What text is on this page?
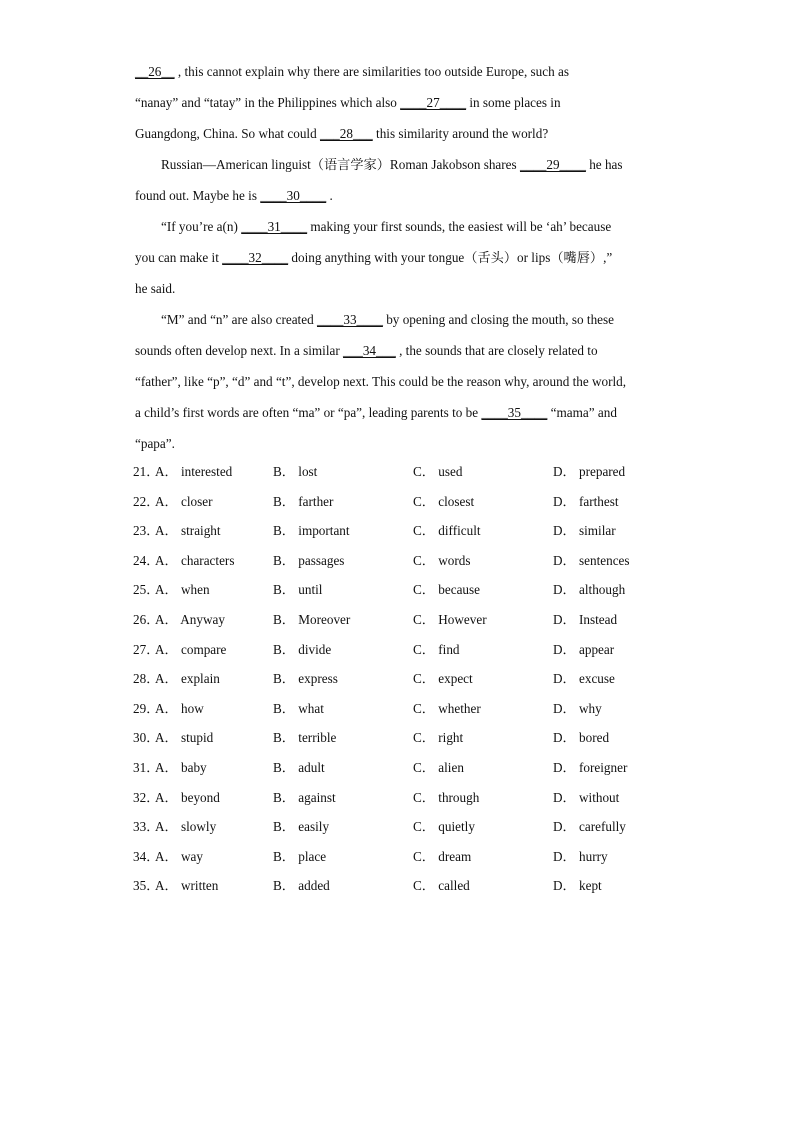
__26__ , this cannot explain why there are similarities too outside Europe, such as
“nanay” and “tatay” in the Philippines which also ____27____ in some places in
Guangdong, China. So what could ___28___ this similarity around the world?
Russian—American linguist（语言学家）Roman Jakobson shares ____29____ he has
found out. Maybe he is ____30____ .
“If you’re a(n) ____31____ making your first sounds, the easiest will be ‘ah’ because
you can make it ____32____ doing anything with your tongue（舌头）or lips（嘴唇）,”
he said.
“M” and “n” are also created ____33____ by opening and closing the mouth, so these
sounds often develop next. In a similar ___34___ , the sounds that are closely related to
“father”, like “p”, “d” and “t”, develop next. This could be the reason why, around the world,
a child’s first words are often “ma” or “pa”, leading parents to be ____35____ “mama” and
“papa”.
21．
A． interested	B． lost	C． used	D． prepared
22．
A． closer	B． farther	C． closest	D． farthest
23．
A． straight	B． important	C． difficult	D． similar
24．
A． characters	B． passages	C． words	D． sentences
25．
A． when	B． until	C． because	D． although
26．
A． Anyway	B． Moreover	C． However	D． Instead
27．
A． compare	B． divide	C． find	D． appear
28．
A． explain	B． express	C． expect	D． excuse
29．
A． how	B． what	C． whether	D． why
30．
A． stupid	B． terrible	C． right	D． bored
31．
A． baby	B． adult	C． alien	D． foreigner
32．
A． beyond	B． against	C． through	D． without
33．
A． slowly	B． easily	C． quietly	D． carefully
34．
A． way	B． place	C． dream	D． hurry
35．
A． written	B． added	C． called	D． kept
